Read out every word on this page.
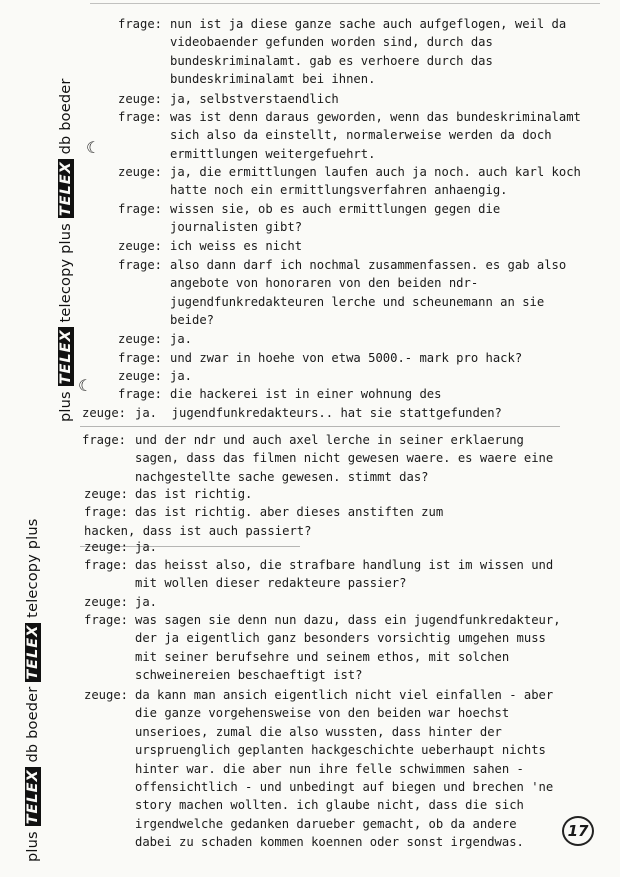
plus TELEX telecopy plus TELEX db boeder
plus TELEX db boeder TELEX telecopy plus
☾
☾
frage: nun ist ja diese ganze sache auch aufgeflogen, weil da
videobaender gefunden worden sind, durch das
bundeskriminalamt. gab es verhoere durch das
bundeskriminalamt bei ihnen.
zeuge: ja, selbstverstaendlich
frage: was ist denn daraus geworden, wenn das bundeskriminalamt
sich also da einstellt, normalerweise werden da doch
ermittlungen weitergefuehrt.
zeuge: ja, die ermittlungen laufen auch ja noch. auch karl koch
hatte noch ein ermittlungsverfahren anhaengig.
frage: wissen sie, ob es auch ermittlungen gegen die
journalisten gibt?
zeuge: ich weiss es nicht
frage: also dann darf ich nochmal zusammenfassen. es gab also
angebote von honoraren von den beiden ndr-
jugendfunkredakteuren lerche und scheunemann an sie
beide?
zeuge: ja.
frage: und zwar in hoehe von etwa 5000.- mark pro hack?
zeuge: ja.
frage: die hackerei ist in einer wohnung des
zeuge: ja.  jugendfunkredakteurs.. hat sie stattgefunden?
frage: und der ndr und auch axel lerche in seiner erklaerung
sagen, dass das filmen nicht gewesen waere. es waere eine
nachgestellte sache gewesen. stimmt das?
zeuge: das ist richtig.
frage: das ist richtig. aber dieses anstiften zum
hacken, dass ist auch passiert?
zeuge: ja.
frage: das heisst also, die strafbare handlung ist im wissen und
mit wollen dieser redakteure passier?
zeuge: ja.
frage: was sagen sie denn nun dazu, dass ein jugendfunkredakteur,
der ja eigentlich ganz besonders vorsichtig umgehen muss
mit seiner berufsehre und seinem ethos, mit solchen
schweinereien beschaeftigt ist?
zeuge: da kann man ansich eigentlich nicht viel einfallen - aber
die ganze vorgehensweise von den beiden war hoechst
unserioes, zumal die also wussten, dass hinter der
urspruenglich geplanten hackgeschichte ueberhaupt nichts
hinter war. die aber nun ihre felle schwimmen sahen -
offensichtlich - und unbedingt auf biegen und brechen 'ne
story machen wollten. ich glaube nicht, dass die sich
irgendwelche gedanken darueber gemacht, ob da andere
dabei zu schaden kommen koennen oder sonst irgendwas.
17
